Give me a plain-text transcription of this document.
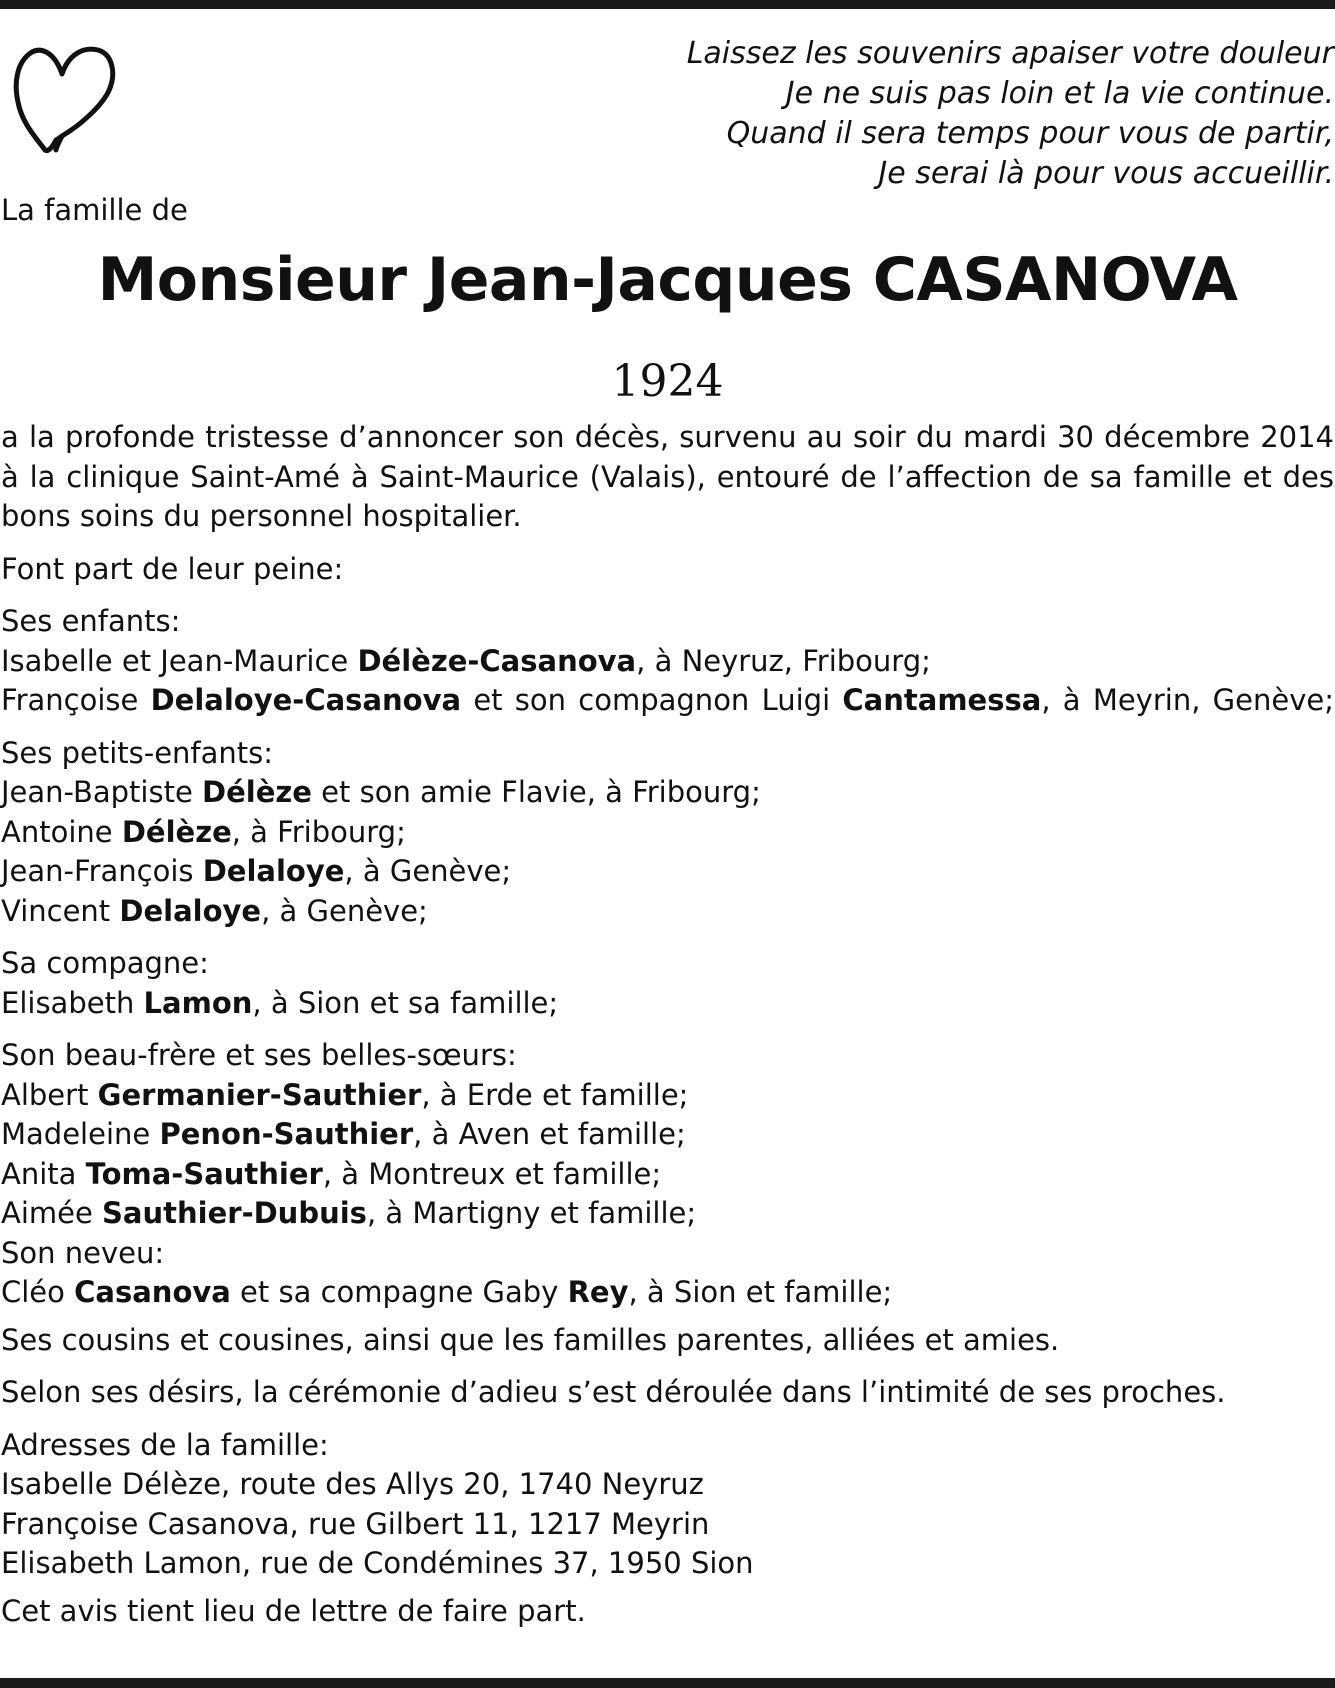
Laissez les souvenirs apaiser votre douleur
Je ne suis pas loin et la vie continue.
Quand il sera temps pour vous de partir,
Je serai là pour vous accueillir.
La famille de
Monsieur Jean-Jacques CASANOVA
1924

a la profonde tristesse d’annoncer son décès, survenu au soir du mardi 30 décembre 2014 à la clinique Saint-Amé à Saint-Maurice (Valais), entouré de l’affection de sa famille et des bons soins du personnel hospitalier.

Font part de leur peine:

Ses enfants:

Isabelle et Jean-Maurice Délèze-Casanova, à Neyruz, Fribourg;

Françoise Delaloye-Casanova et son compagnon Luigi Cantamessa, à Meyrin, Genève;

Ses petits-enfants:

Jean-Baptiste Délèze et son amie Flavie, à Fribourg;

Antoine Délèze, à Fribourg;

Jean-François Delaloye, à Genève;

Vincent Delaloye, à Genève;

Sa compagne:

Elisabeth Lamon, à Sion et sa famille;

Son beau-frère et ses belles-sœurs:

Albert Germanier-Sauthier, à Erde et famille;

Madeleine Penon-Sauthier, à Aven et famille;

Anita Toma-Sauthier, à Montreux et famille;

Aimée Sauthier-Dubuis, à Martigny et famille;

Son neveu:

Cléo Casanova et sa compagne Gaby Rey, à Sion et famille;

Ses cousins et cousines, ainsi que les familles parentes, alliées et amies.

Selon ses désirs, la cérémonie d’adieu s’est déroulée dans l’intimité de ses proches.

Adresses de la famille:

Isabelle Délèze, route des Allys 20, 1740 Neyruz

Françoise Casanova, rue Gilbert 11, 1217 Meyrin

Elisabeth Lamon, rue de Condémines 37, 1950 Sion

Cet avis tient lieu de lettre de faire part.
